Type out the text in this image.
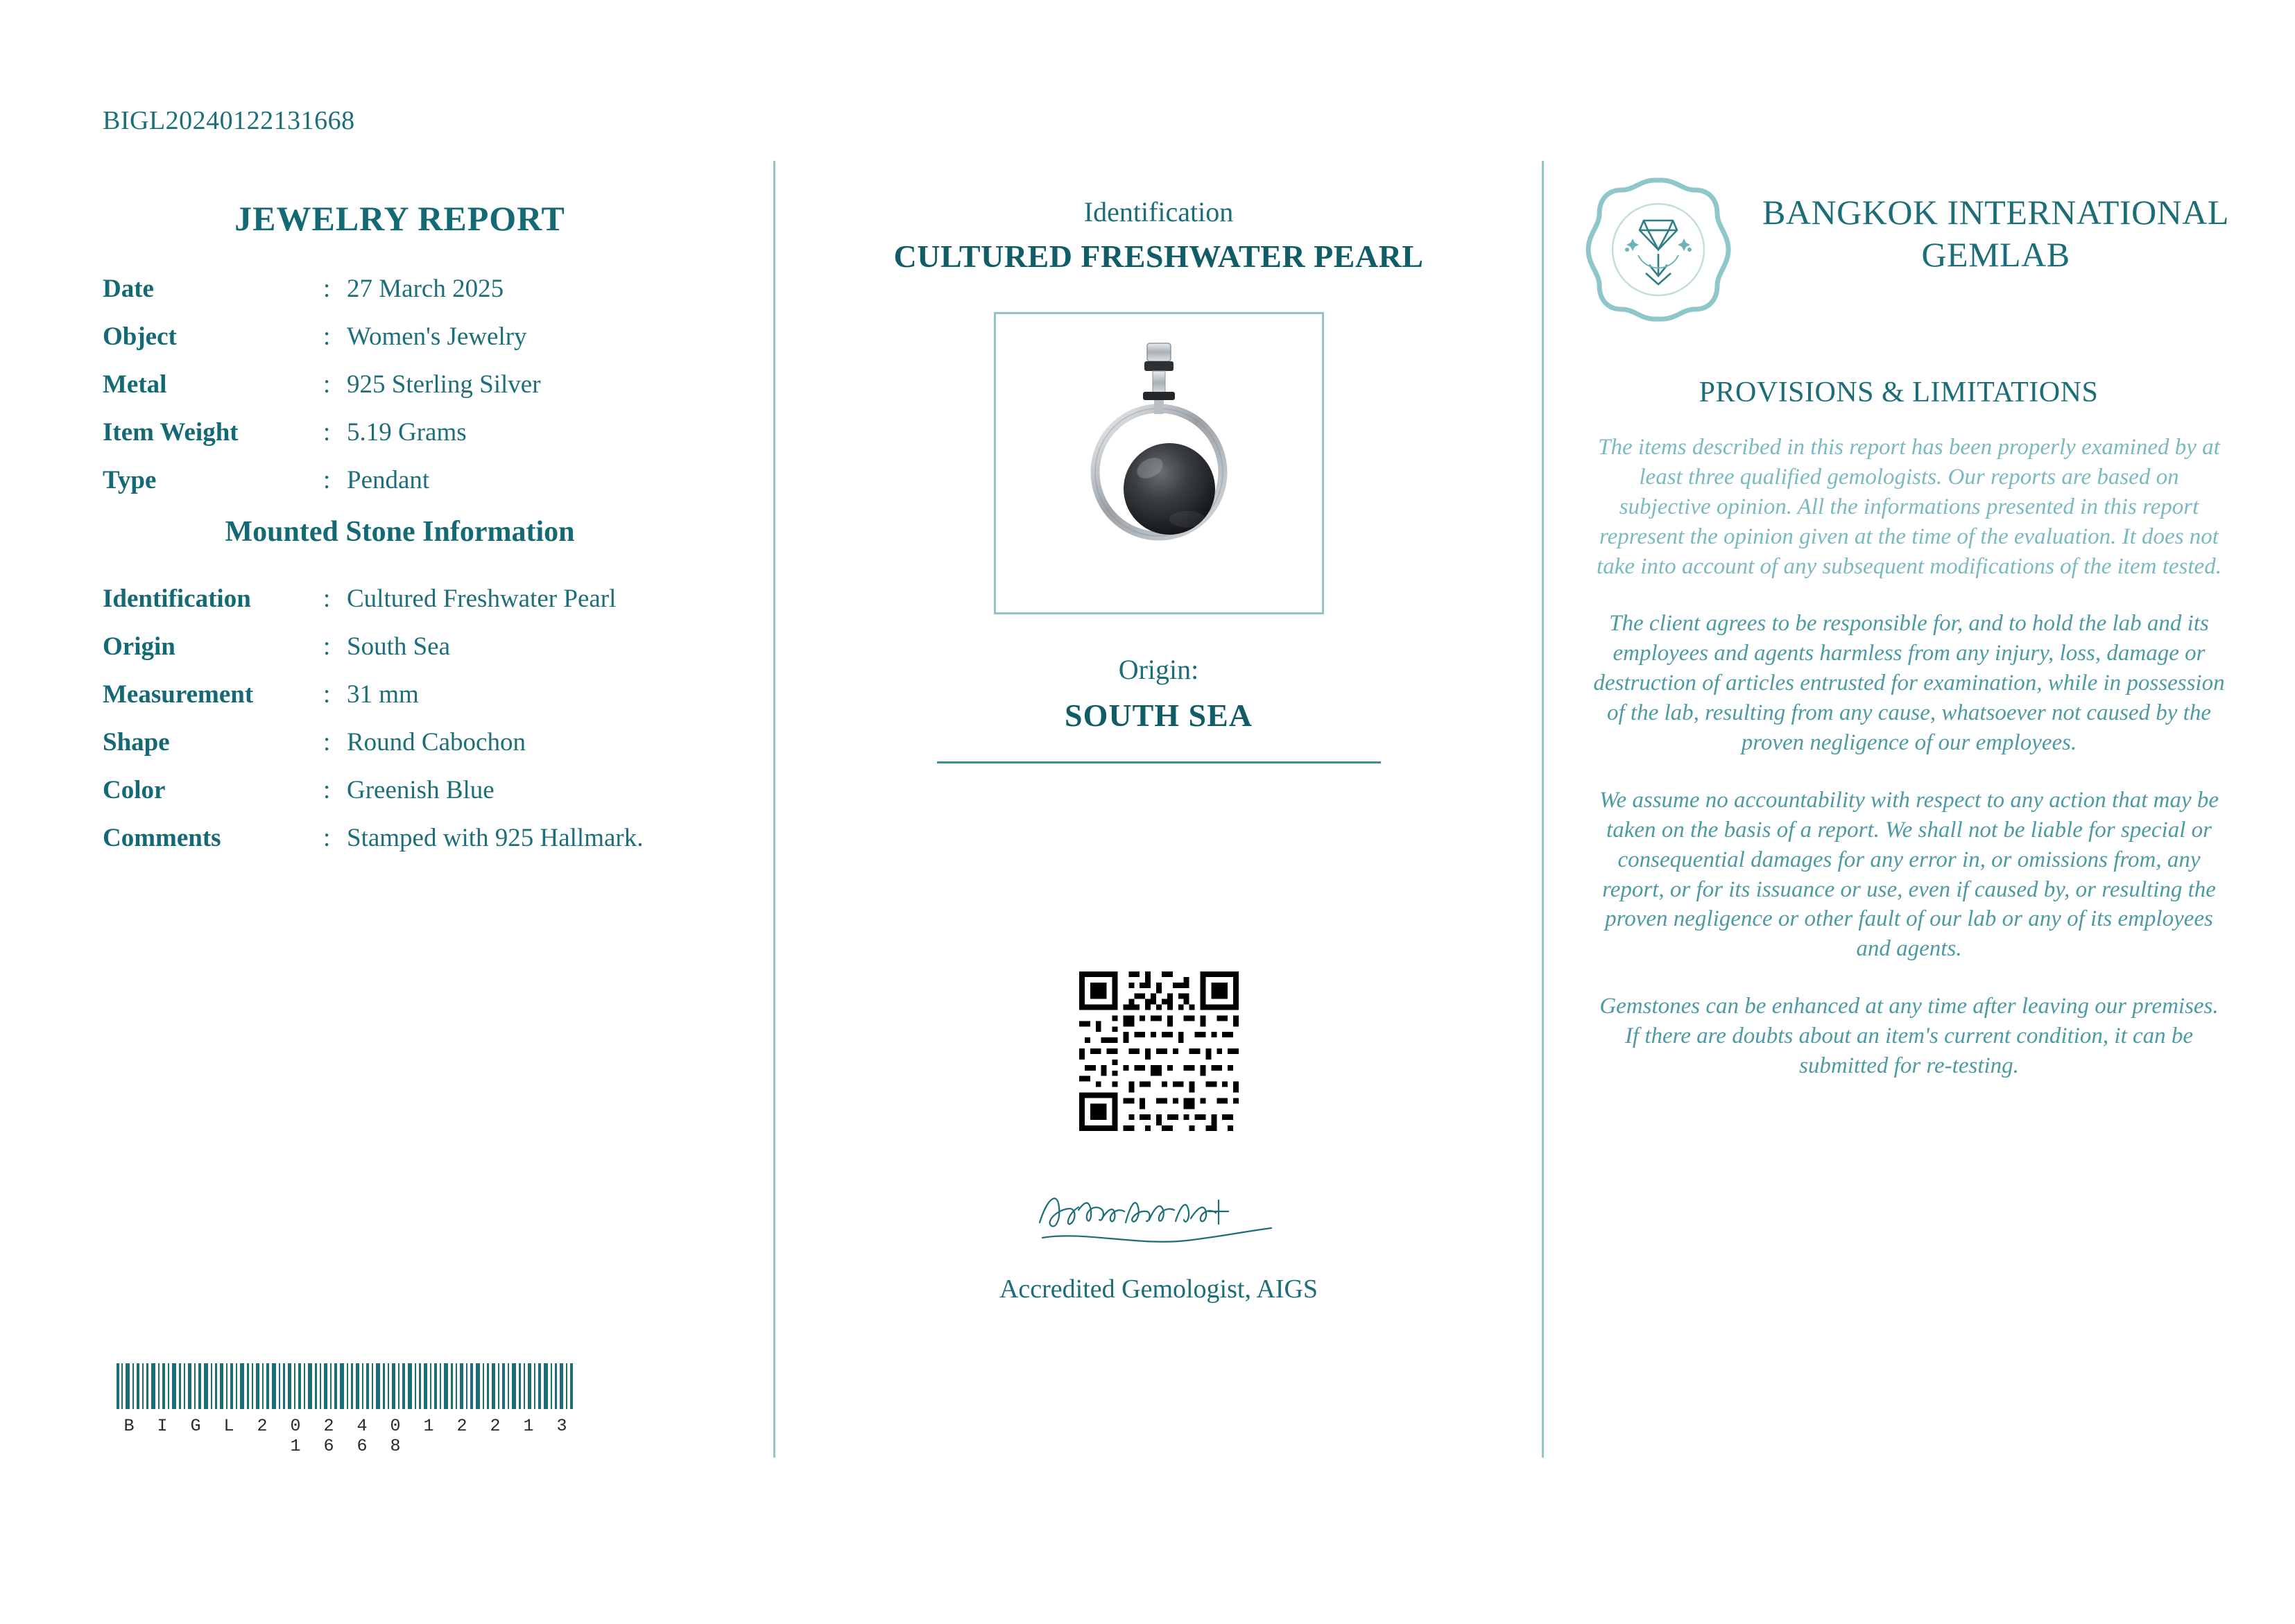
BIGL20240122131668
JEWELRY REPORT
Date	: 27 March 2025
Object	: Women's Jewelry
Metal	: 925 Sterling Silver
Item Weight	: 5.19 Grams
Type	: Pendant
Mounted Stone Information
Identification	: Cultured Freshwater Pearl
Origin	: South Sea
Measurement	: 31 mm
Shape	: Round Cabochon
Color	: Greenish Blue
Comments	: Stamped with 925 Hallmark.
B I G L 2 0 2 4 0 1 2 2 1 3 1 6 6 8
Identification
CULTURED FRESHWATER PEARL
Origin:
SOUTH SEA
Accredited Gemologist, AIGS
BANGKOK INTERNATIONAL GEMLAB
PROVISIONS & LIMITATIONS

The items described in this report has been properly examined by at least three qualified gemologists. Our reports are based on subjective opinion. All the informations presented in this report represent the opinion given at the time of the evaluation. It does not take into account of any subsequent modifications of the item tested.

The client agrees to be responsible for, and to hold the lab and its employees and agents harmless from any injury, loss, damage or destruction of articles entrusted for examination, while in possession of the lab, resulting from any cause, whatsoever not caused by the proven negligence of our employees.

We assume no accountability with respect to any action that may be taken on the basis of a report. We shall not be liable for special or consequential damages for any error in, or omissions from, any report, or for its issuance or use, even if caused by, or resulting the proven negligence or other fault of our lab or any of its employees and agents.

Gemstones can be enhanced at any time after leaving our premises. If there are doubts about an item's current condition, it can be submitted for re-testing.
